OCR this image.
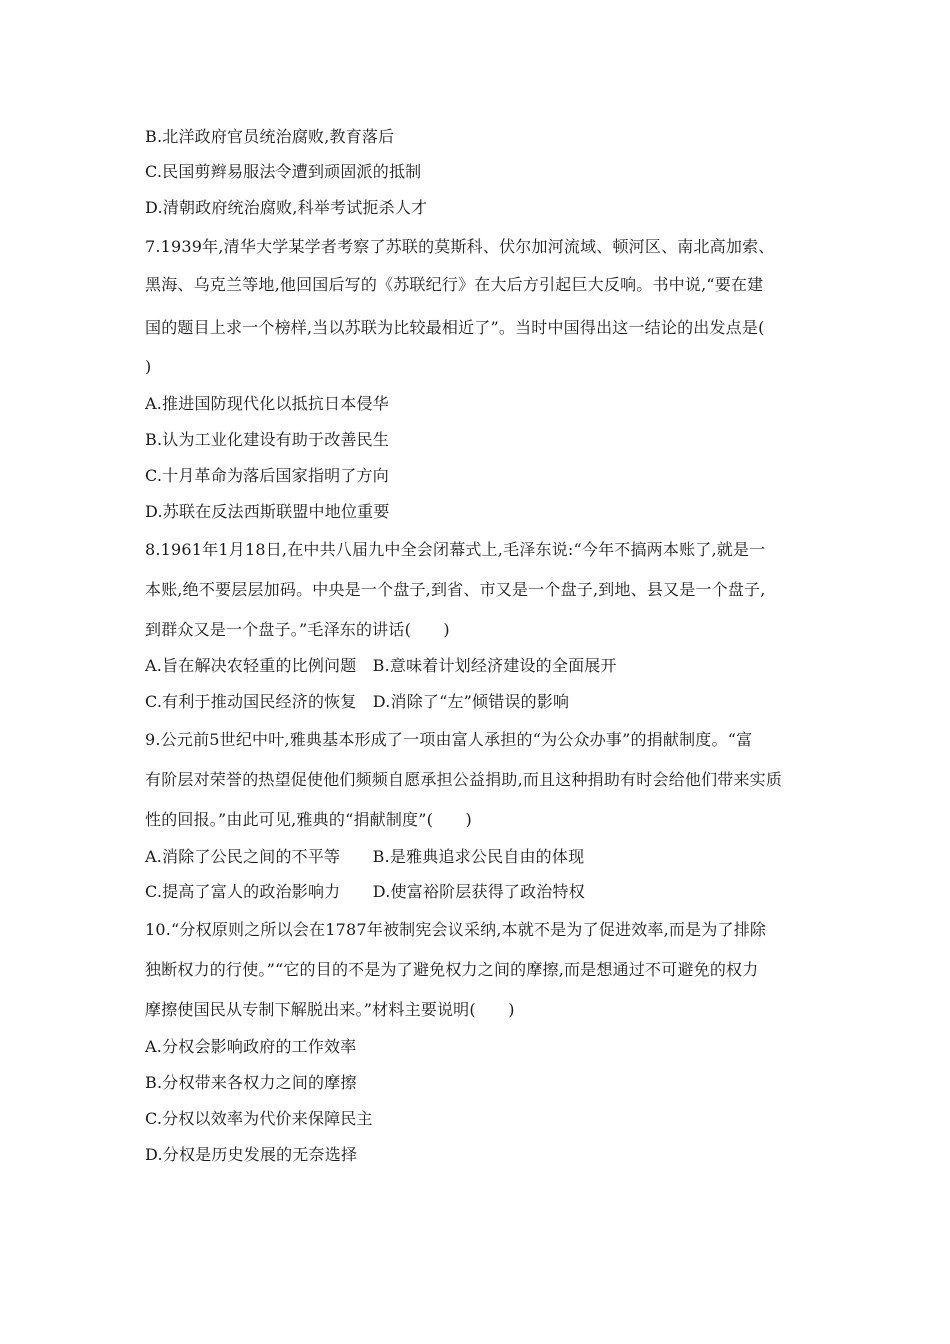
B.北洋政府官员统治腐败,教育落后
C.民国剪辫易服法令遭到顽固派的抵制
D.清朝政府统治腐败,科举考试扼杀人才
7.1939年,清华大学某学者考察了苏联的莫斯科、伏尔加河流域、顿河区、南北高加索、
黑海、乌克兰等地,他回国后写的《苏联纪行》在大后方引起巨大反响。书中说,“要在建
国的题目上求一个榜样,当以苏联为比较最相近了”。当时中国得出这一结论的出发点是(
)
A.推进国防现代化以抵抗日本侵华
B.认为工业化建设有助于改善民生
C.十月革命为落后国家指明了方向
D.苏联在反法西斯联盟中地位重要
8.1961年1月18日,在中共八届九中全会闭幕式上,毛泽东说:“今年不搞两本账了,就是一
本账,绝不要层层加码。中央是一个盘子,到省、市又是一个盘子,到地、县又是一个盘子,
到群众又是一个盘子。”毛泽东的讲话(　　)
A.旨在解决农轻重的比例问题　B.意味着计划经济建设的全面展开
C.有利于推动国民经济的恢复　D.消除了“左”倾错误的影响
9.公元前5世纪中叶,雅典基本形成了一项由富人承担的“为公众办事”的捐献制度。“富
有阶层对荣誉的热望促使他们频频自愿承担公益捐助,而且这种捐助有时会给他们带来实质
性的回报。”由此可见,雅典的“捐献制度”(　　)
A.消除了公民之间的不平等　　B.是雅典追求公民自由的体现
C.提高了富人的政治影响力　　D.使富裕阶层获得了政治特权
10.“分权原则之所以会在1787年被制宪会议采纳,本就不是为了促进效率,而是为了排除
独断权力的行使。”“它的目的不是为了避免权力之间的摩擦,而是想通过不可避免的权力
摩擦使国民从专制下解脱出来。”材料主要说明(　　)
A.分权会影响政府的工作效率
B.分权带来各权力之间的摩擦
C.分权以效率为代价来保障民主
D.分权是历史发展的无奈选择
